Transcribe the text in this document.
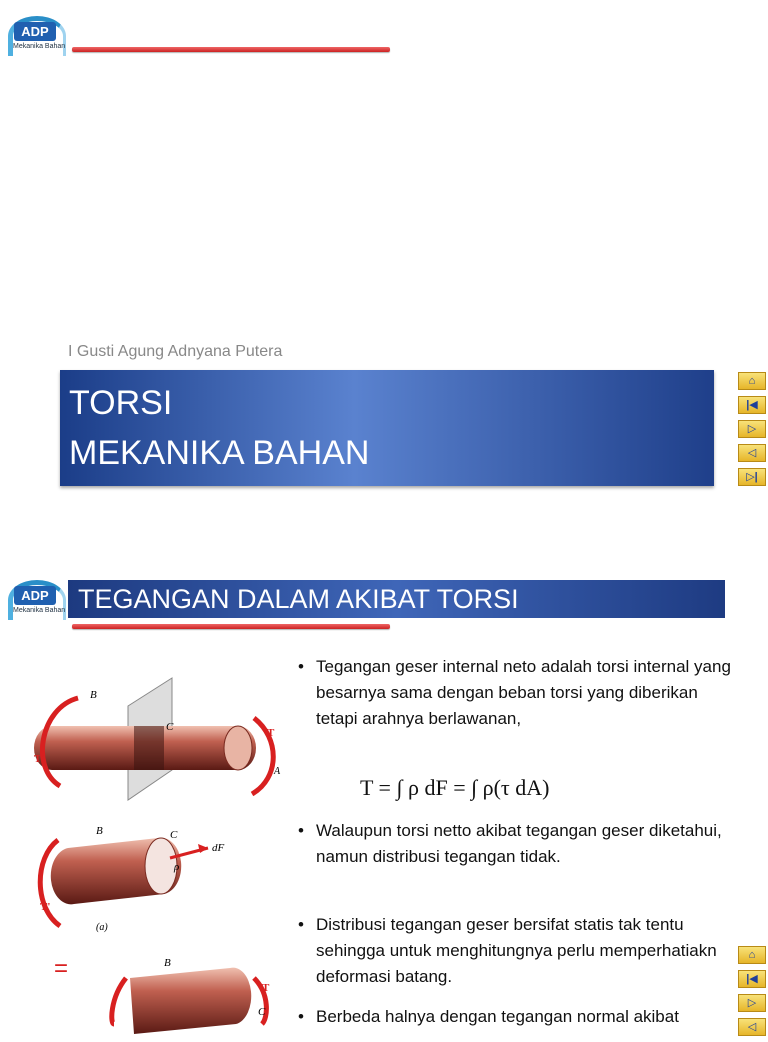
ADP
Mekanika Bahan
I Gusti Agung Adnyana Putera
TORSI
MEKANIKA BAHAN
⌂
|◀
▷
◁
▷|
ADP
Mekanika Bahan TEGANGAN DALAM AKIBAT TORSI
B
C	T
T'
A
B	C
ρ
dF
T'
(a)
=	B
T
C
• Tegangan geser internal neto adalah torsi internal yang besarnya sama dengan beban torsi yang diberikan tetapi arahnya berlawanan,
• Walaupun torsi netto akibat tegangan geser diketahui, namun distribusi tegangan tidak.
• Distribusi tegangan geser bersifat statis tak tentu sehingga untuk menghitungnya perlu memperhatiakn deformasi batang.
• Berbeda halnya dengan tegangan normal akibat
T = ∫ ρ dF = ∫ ρ(τ dA)
⌂
|◀
▷
◁
